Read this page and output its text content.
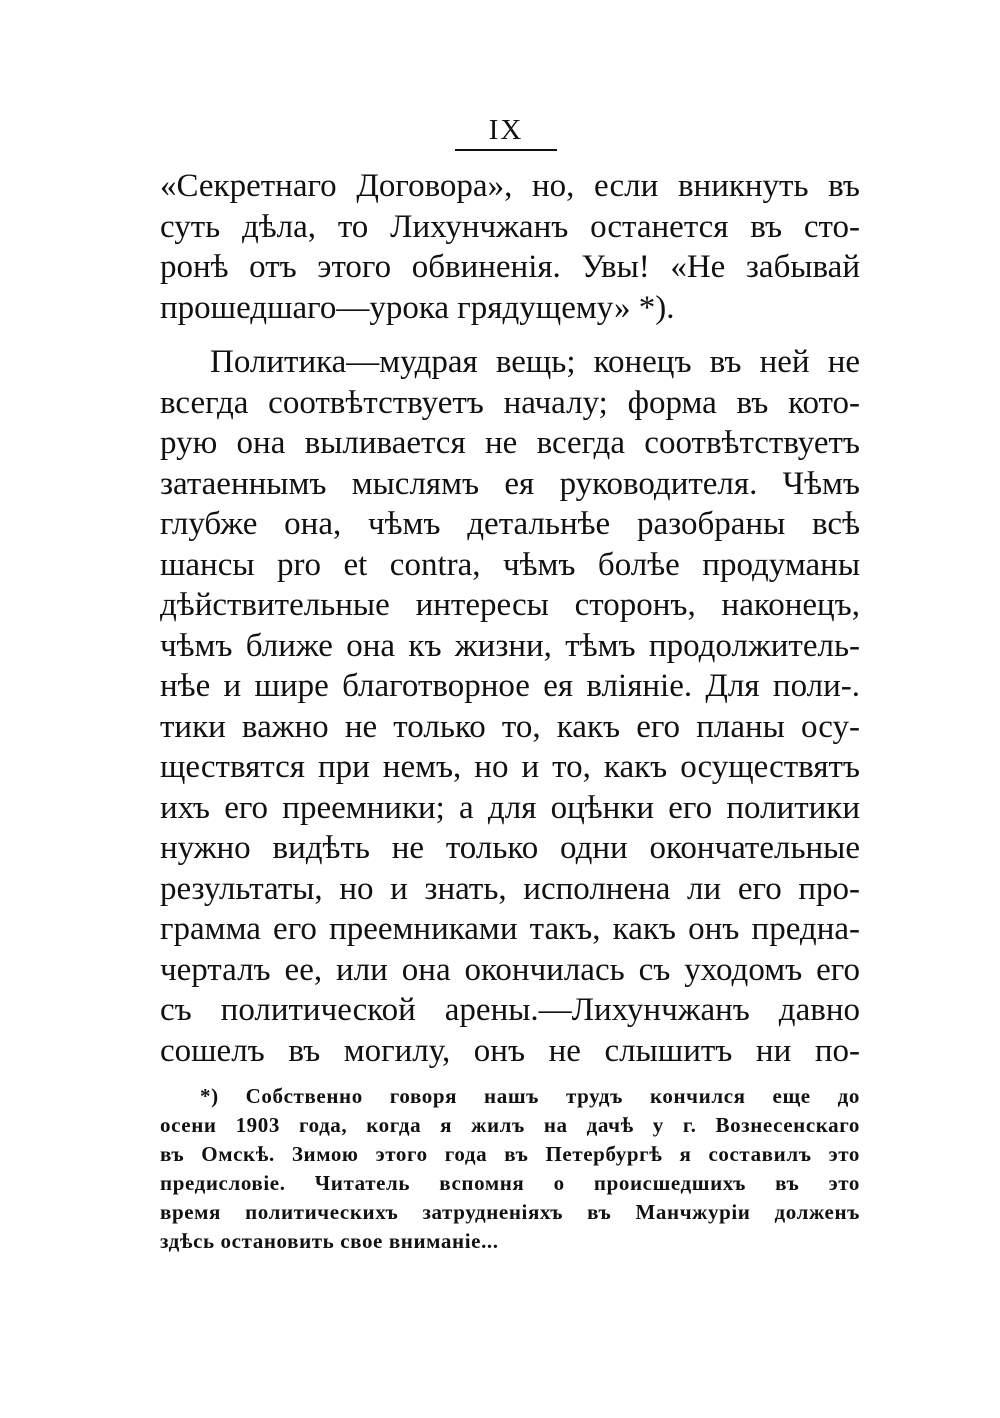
IX
«Секретнаго Договора», но, если вникнуть въ
суть дѣла, то Лихунчжанъ останется въ сто-
ронѣ отъ этого обвиненія. Увы! «Не забывай
прошедшаго—урока грядущему» *).
Политика—мудрая вещь; конецъ въ ней не
всегда соотвѣтствуетъ началу; форма въ кото-
рую она выливается не всегда соотвѣтствуетъ
затаеннымъ мыслямъ ея руководителя. Чѣмъ
глубже она, чѣмъ детальнѣе разобраны всѣ
шансы pro et contra, чѣмъ болѣе продуманы
дѣйствительные интересы сторонъ, наконецъ,
чѣмъ ближе она къ жизни, тѣмъ продолжитель-
нѣе и шире благотворное ея вліяніе. Для поли-.
тики важно не только то, какъ его планы осу-
ществятся при немъ, но и то, какъ осуществятъ
ихъ его преемники; а для оцѣнки его политики
нужно видѣть не только одни окончательные
результаты, но и знать, исполнена ли его про-
грамма его преемниками такъ, какъ онъ предна-
черталъ ее, или она окончилась съ уходомъ его
съ политической арены.—Лихунчжанъ давно
сошелъ въ могилу, онъ не слышитъ ни по-
*) Собственно говоря нашъ трудъ кончился еще до
осени 1903 года, когда я жилъ на дачѣ у г. Вознесенскаго
въ Омскѣ. Зимою этого года въ Петербургѣ я составилъ это
предисловіе. Читатель вспомня о происшедшихъ въ это
время политическихъ затрудненіяхъ въ Манчжуріи долженъ
здѣсь остановить свое вниманіе...
